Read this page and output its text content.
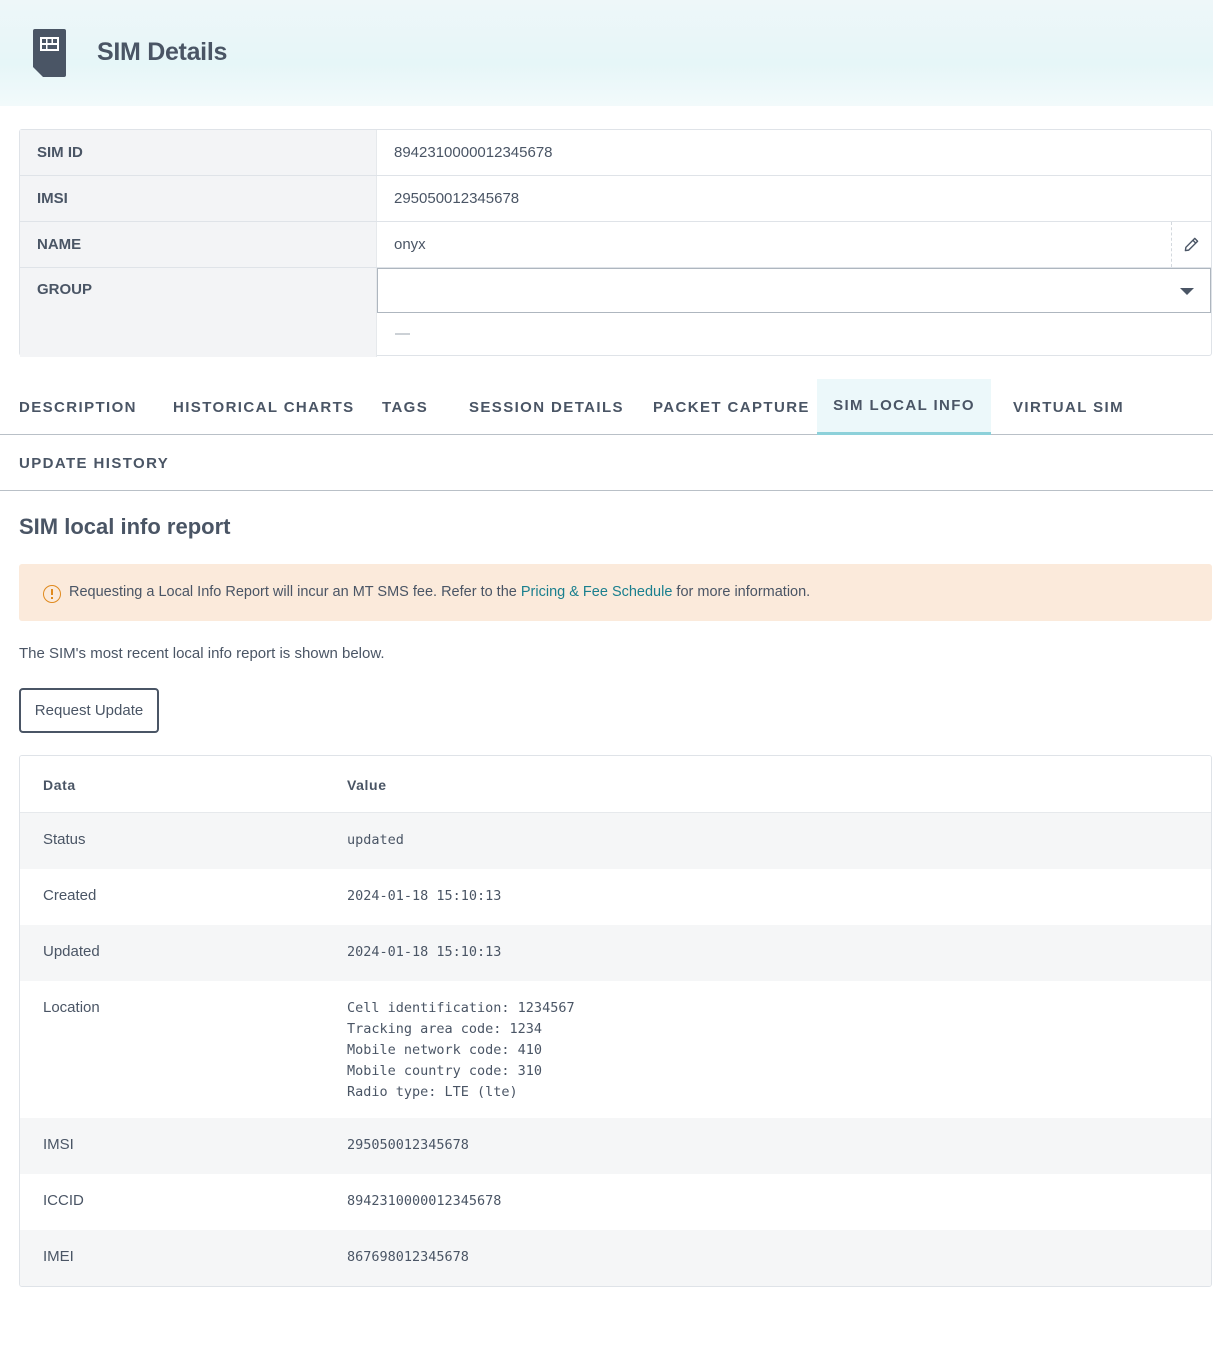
SIM Details
SIM ID	8942310000012345678
IMSI	295050012345678
NAME	onyx
GROUP
—
DESCRIPTION HISTORICAL CHARTS TAGS	SESSION DETAILS PACKET CAPTURE	SIM LOCAL INFO	VIRTUAL SIM
UPDATE HISTORY
SIM local info report
Requesting a Local Info Report will incur an MT SMS fee. Refer to the Pricing & Fee Schedule for more information.
The SIM's most recent local info report is shown below.
Request Update
Data	Value
Status	updated
Created	2024-01-18 15:10:13
Updated	2024-01-18 15:10:13
Location	Cell identification: 1234567
Tracking area code: 1234
Mobile network code: 410
Mobile country code: 310
Radio type: LTE (lte)
IMSI	295050012345678
ICCID	8942310000012345678
IMEI	867698012345678
